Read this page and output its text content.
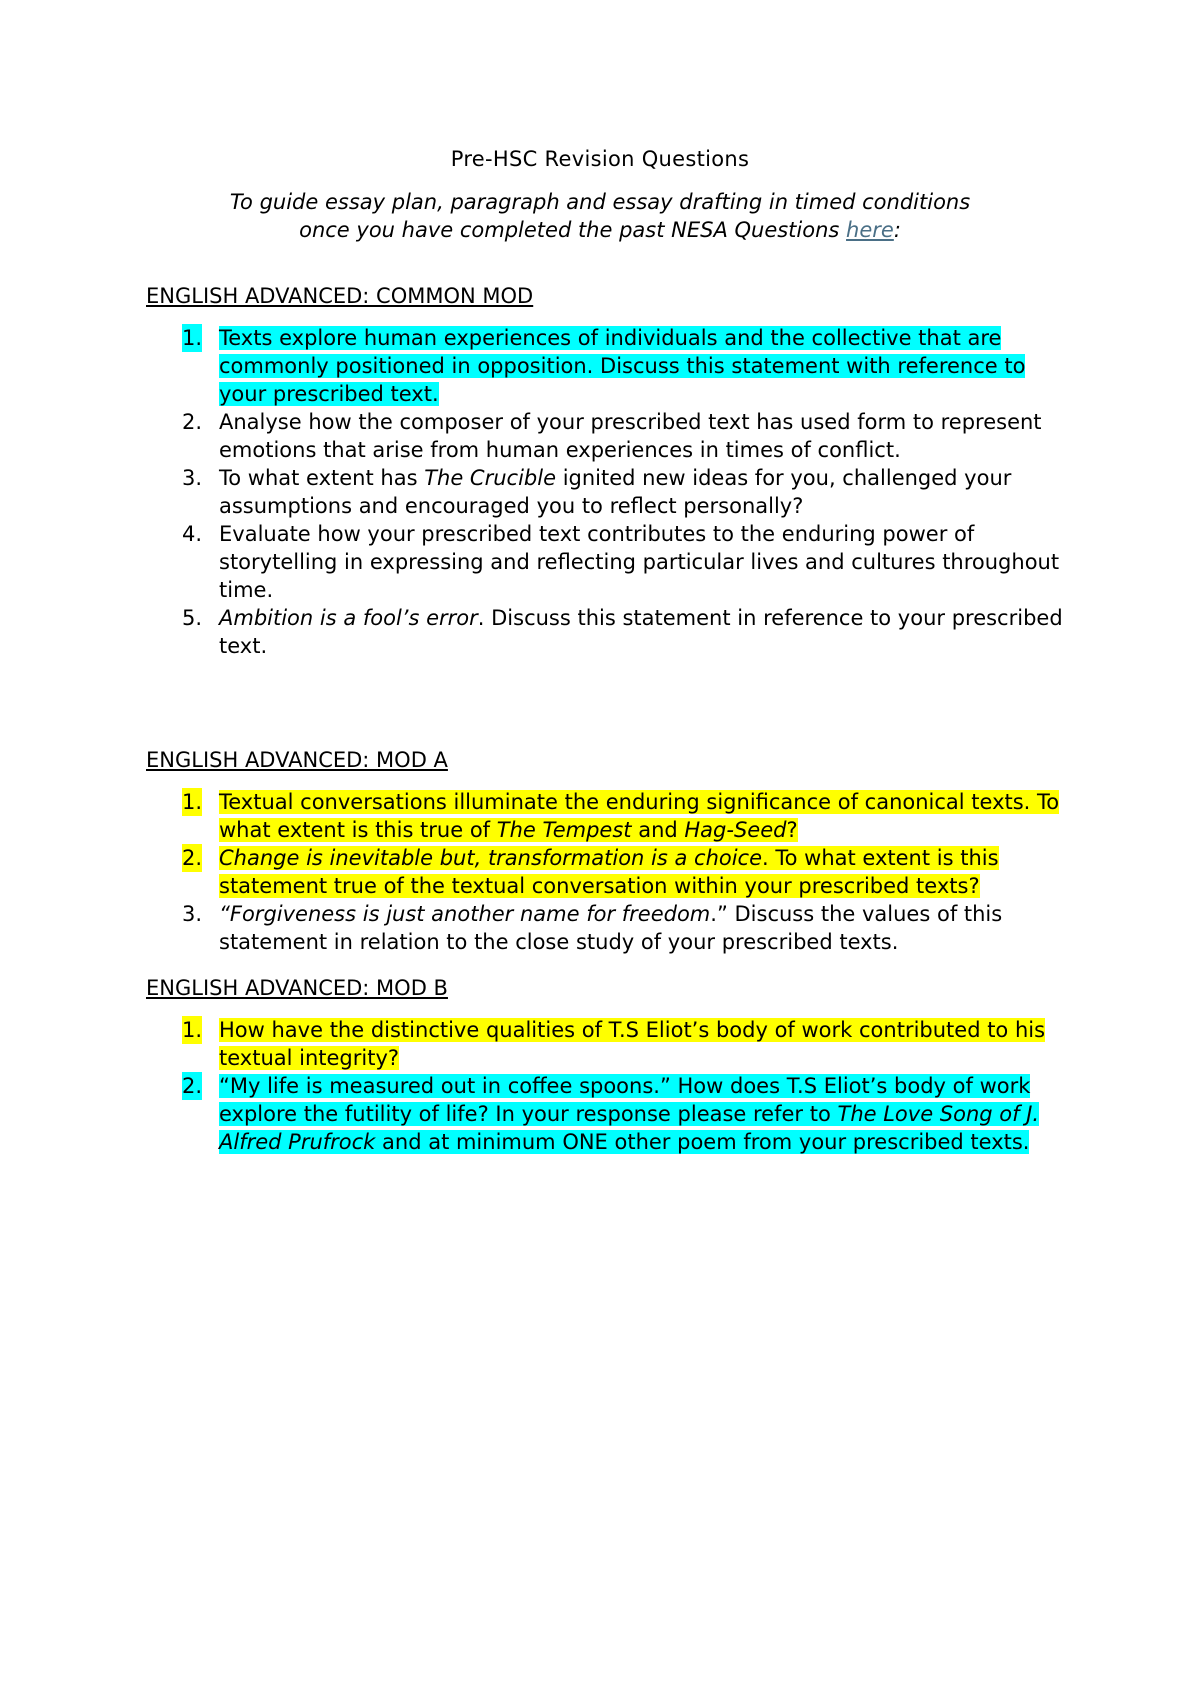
Pre-HSC Revision Questions
To guide essay plan, paragraph and essay drafting in timed conditions
once you have completed the past NESA Questions here:
ENGLISH ADVANCED: COMMON MOD
1. Texts explore human experiences of individuals and the collective that are commonly positioned in opposition. Discuss this statement with reference to your prescribed text.
2. Analyse how the composer of your prescribed text has used form to represent emotions that arise from human experiences in times of conflict.
3. To what extent has The Crucible ignited new ideas for you, challenged your assumptions and encouraged you to reflect personally?
4. Evaluate how your prescribed text contributes to the enduring power of storytelling in expressing and reflecting particular lives and cultures throughout time.
5. Ambition is a fool’s error. Discuss this statement in reference to your prescribed text.
ENGLISH ADVANCED: MOD A
1. Textual conversations illuminate the enduring significance of canonical texts. To what extent is this true of The Tempest and Hag-Seed?
2. Change is inevitable but, transformation is a choice. To what extent is this statement true of the textual conversation within your prescribed texts?
3. “Forgiveness is just another name for freedom.” Discuss the values of this statement in relation to the close study of your prescribed texts.
ENGLISH ADVANCED: MOD B
1. How have the distinctive qualities of T.S Eliot’s body of work contributed to his textual integrity?
2. “My life is measured out in coffee spoons.” How does T.S Eliot’s body of work explore the futility of life? In your response please refer to The Love Song of J. Alfred Prufrock and at minimum ONE other poem from your prescribed texts.
